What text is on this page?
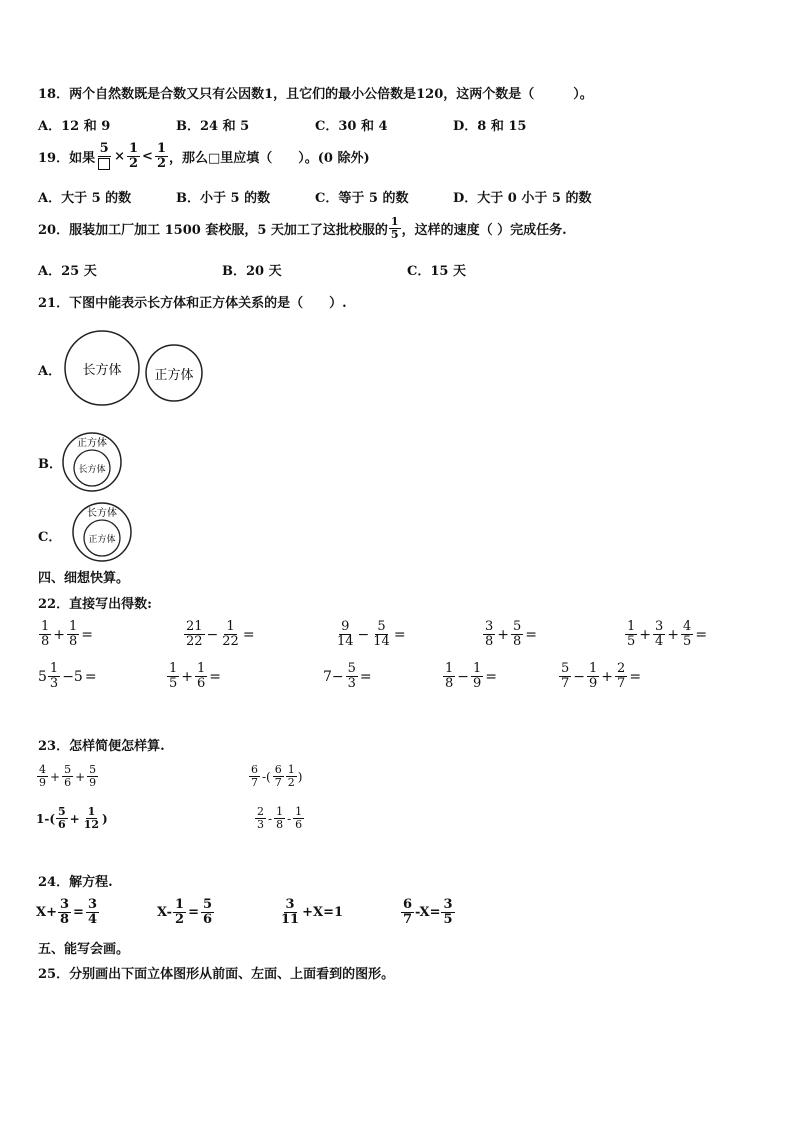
18．两个自然数既是合数又只有公因数1，且它们的最小公倍数是120，这两个数是（　　　）。
A．12 和 9	B．24 和 5	C．30 和 4	D．8 和 15
19．如果
5
× $\frac{1}{2} < \frac{1}{2}$ ，那么□里应填（　　）。(0 除外)
A．大于 5 的数	B．小于 5 的数	C．等于 5 的数	D．大于 0 小于 5 的数
20．服装加工厂加工 1500 套校服，5 天加工了这批校服的 $\frac{1}{5}$ ，这样的速度（ ）完成任务.
A．25 天	B．20 天	C．15 天
21．下图中能表示长方体和正方体关系的是（　　）.
A． 长方体	正方体
B．
正方体
长方体
C．
长方体
正方体
四、细想快算。
22．直接写出得数:
$\frac{1}{8} + \frac{1}{8}$ =	$\frac{21}{22} - \frac{1}{22}$ =	$\frac{9}{14} - \frac{5}{14}$ =	$\frac{3}{8} + \frac{5}{8}$ =	$\frac{1}{5} + \frac{3}{4} + \frac{4}{5}$ =
$5 \frac{1}{3} -5$ =	$\frac{1}{5} + \frac{1}{6}$ =	$7- \frac{5}{3}$ =	$\frac{1}{8} - \frac{1}{9}$ =	$\frac{5}{7} - \frac{1}{9} + \frac{2}{7}$ =
23．怎样简便怎样算.
$\frac{4}{9} + \frac{5}{6} + \frac{5}{9}$	$\frac{6}{7}$ -( $\frac{6}{7} \frac{1}{2}$ )
$1-( \frac{5}{6} + \frac{1}{12}$ )	$\frac{2}{3} - \frac{1}{8} - \frac{1}{6}$
24．解方程.
$X+ \frac{3}{8} = \frac{3}{4}$	$X- \frac{1}{2} = \frac{5}{6}$	$\frac{3}{11} +X=1$	$\frac{6}{7} -X= \frac{3}{5}$
五、能写会画。
25．分别画出下面立体图形从前面、左面、上面看到的图形。
